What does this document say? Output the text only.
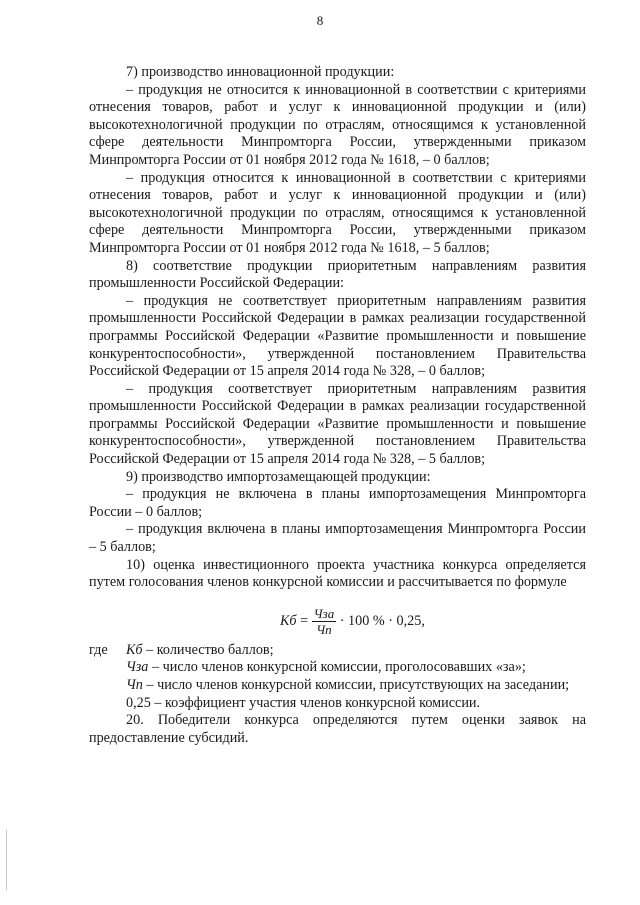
8

7) производство инновационной продукции:

– продукция не относится к инновационной в соответствии с критериями отнесения товаров, работ и услуг к инновационной продукции и (или) высокотехнологичной продукции по отраслям, относящимся к установленной сфере деятельности Минпромторга России, утвержденными приказом Минпромторга России от 01 ноября 2012 года № 1618, – 0 баллов;

– продукция относится к инновационной в соответствии с критериями отнесения товаров, работ и услуг к инновационной продукции и (или) высокотехнологичной продукции по отраслям, относящимся к установленной сфере деятельности Минпромторга России, утвержденными приказом Минпромторга России от 01 ноября 2012 года № 1618, – 5 баллов;

8) соответствие продукции приоритетным направлениям развития промышленности Российской Федерации:

– продукция не соответствует приоритетным направлениям развития промышленности Российской Федерации в рамках реализации государственной программы Российской Федерации «Развитие промышленности и повышение конкурентоспособности», утвержденной постановлением Правительства Российской Федерации от 15 апреля 2014 года № 328, – 0 баллов;

– продукция соответствует приоритетным направлениям развития промышленности Российской Федерации в рамках реализации государственной программы Российской Федерации «Развитие промышленности и повышение конкурентоспособности», утвержденной постановлением Правительства Российской Федерации от 15 апреля 2014 года № 328, – 5 баллов;

9) производство импортозамещающей продукции:

– продукция не включена в планы импортозамещения Минпромторга России – 0 баллов;

– продукция включена в планы импортозамещения Минпромторга России – 5 баллов;

10) оценка инвестиционного проекта участника конкурса определяется путем голосования членов конкурсной комиссии и рассчитывается по формуле

Кб = $\frac{\text{Чза}}{Чп} \cdot 100$ % · 0,25,

где Кб – количество баллов;

Чза – число членов конкурсной комиссии, проголосовавших «за»;

Чп – число членов конкурсной комиссии, присутствующих на заседании;

0,25 – коэффициент участия членов конкурсной комиссии.

20. Победители конкурса определяются путем оценки заявок на предоставление субсидий.
